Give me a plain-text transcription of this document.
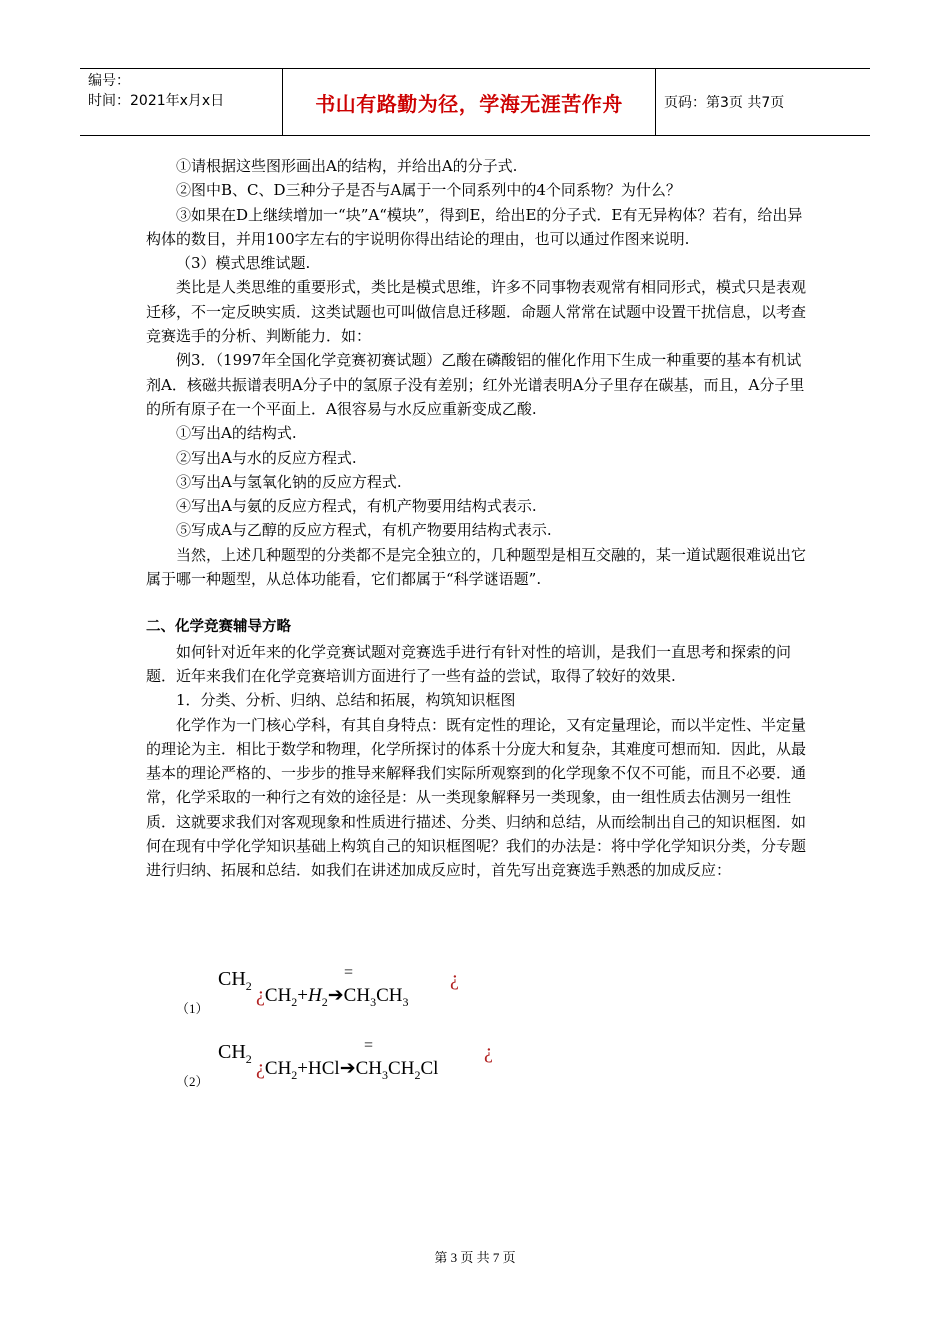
编号：
时间：2021年x月x日	书山有路勤为径，学海无涯苦作舟	页码：第3页 共7页

①请根据这些图形画出A的结构，并给出A的分子式.

②图中B、C、D三种分子是否与A属于一个同系列中的4个同系物？为什么？

③如果在D上继续增加一“块”A“模块”，得到E，给出E的分子式．E有无异构体？若有，给出异构体的数目，并用100字左右的宇说明你得出结论的理由，也可以通过作图来说明.

（3）模式思维试题.

类比是人类思维的重要形式，类比是模式思维，许多不同事物表观常有相同形式，模式只是表观迁移，不一定反映实质．这类试题也可叫做信息迁移题．命题人常常在试题中设置干扰信息，以考查竞赛选手的分析、判断能力．如：

例3．（1997年全国化学竞赛初赛试题）乙酸在磷酸铝的催化作用下生成一种重要的基本有机试剂A．核磁共振谱表明A分子中的氢原子没有差别；红外光谱表明A分子里存在碳基，而且，A分子里的所有原子在一个平面上．A很容易与水反应重新变成乙酸.

①写出A的结构式.

②写出A与水的反应方程式.

③写出A与氢氧化钠的反应方程式.

④写出A与氨的反应方程式，有机产物要用结构式表示.

⑤写成A与乙醇的反应方程式，有机产物要用结构式表示.

当然，上述几种题型的分类都不是完全独立的，几种题型是相互交融的，某一道试题很难说出它属于哪一种题型，从总体功能看，它们都属于“科学谜语题”.

二、化学竞赛辅导方略

如何针对近年来的化学竞赛试题对竞赛选手进行有针对性的培训，是我们一直思考和探索的问题．近年来我们在化学竞赛培训方面进行了一些有益的尝试，取得了较好的效果.

1．分类、分析、归纳、总结和拓展，构筑知识框图

化学作为一门核心学科，有其自身特点：既有定性的理论，又有定量理论，而以半定性、半定量的理论为主．相比于数学和物理，化学所探讨的体系十分庞大和复杂，其难度可想而知．因此，从最基本的理论严格的、一步步的推导来解释我们实际所观察到的化学现象不仅不可能，而且不必要．通常，化学采取的一种行之有效的途径是：从一类现象解释另一类现象，由一组性质去估测另一组性质．这就要求我们对客观现象和性质进行描述、分类、归纳和总结，从而绘制出自己的知识框图．如何在现有中学化学知识基础上构筑自己的知识框图呢？我们的办法是：将中学化学知识分类，分专题进行归纳、拓展和总结．如我们在讲述加成反应时，首先写出竞赛选手熟悉的加成反应：

（1）
$CH_2$
=
¿$CH_2+H_2➔CH_3CH_3$
¿
（2）
$CH_2$
=
¿$CH_2+HCl➔CH_3CH_2Cl$
¿
第 3 页 共 7 页
